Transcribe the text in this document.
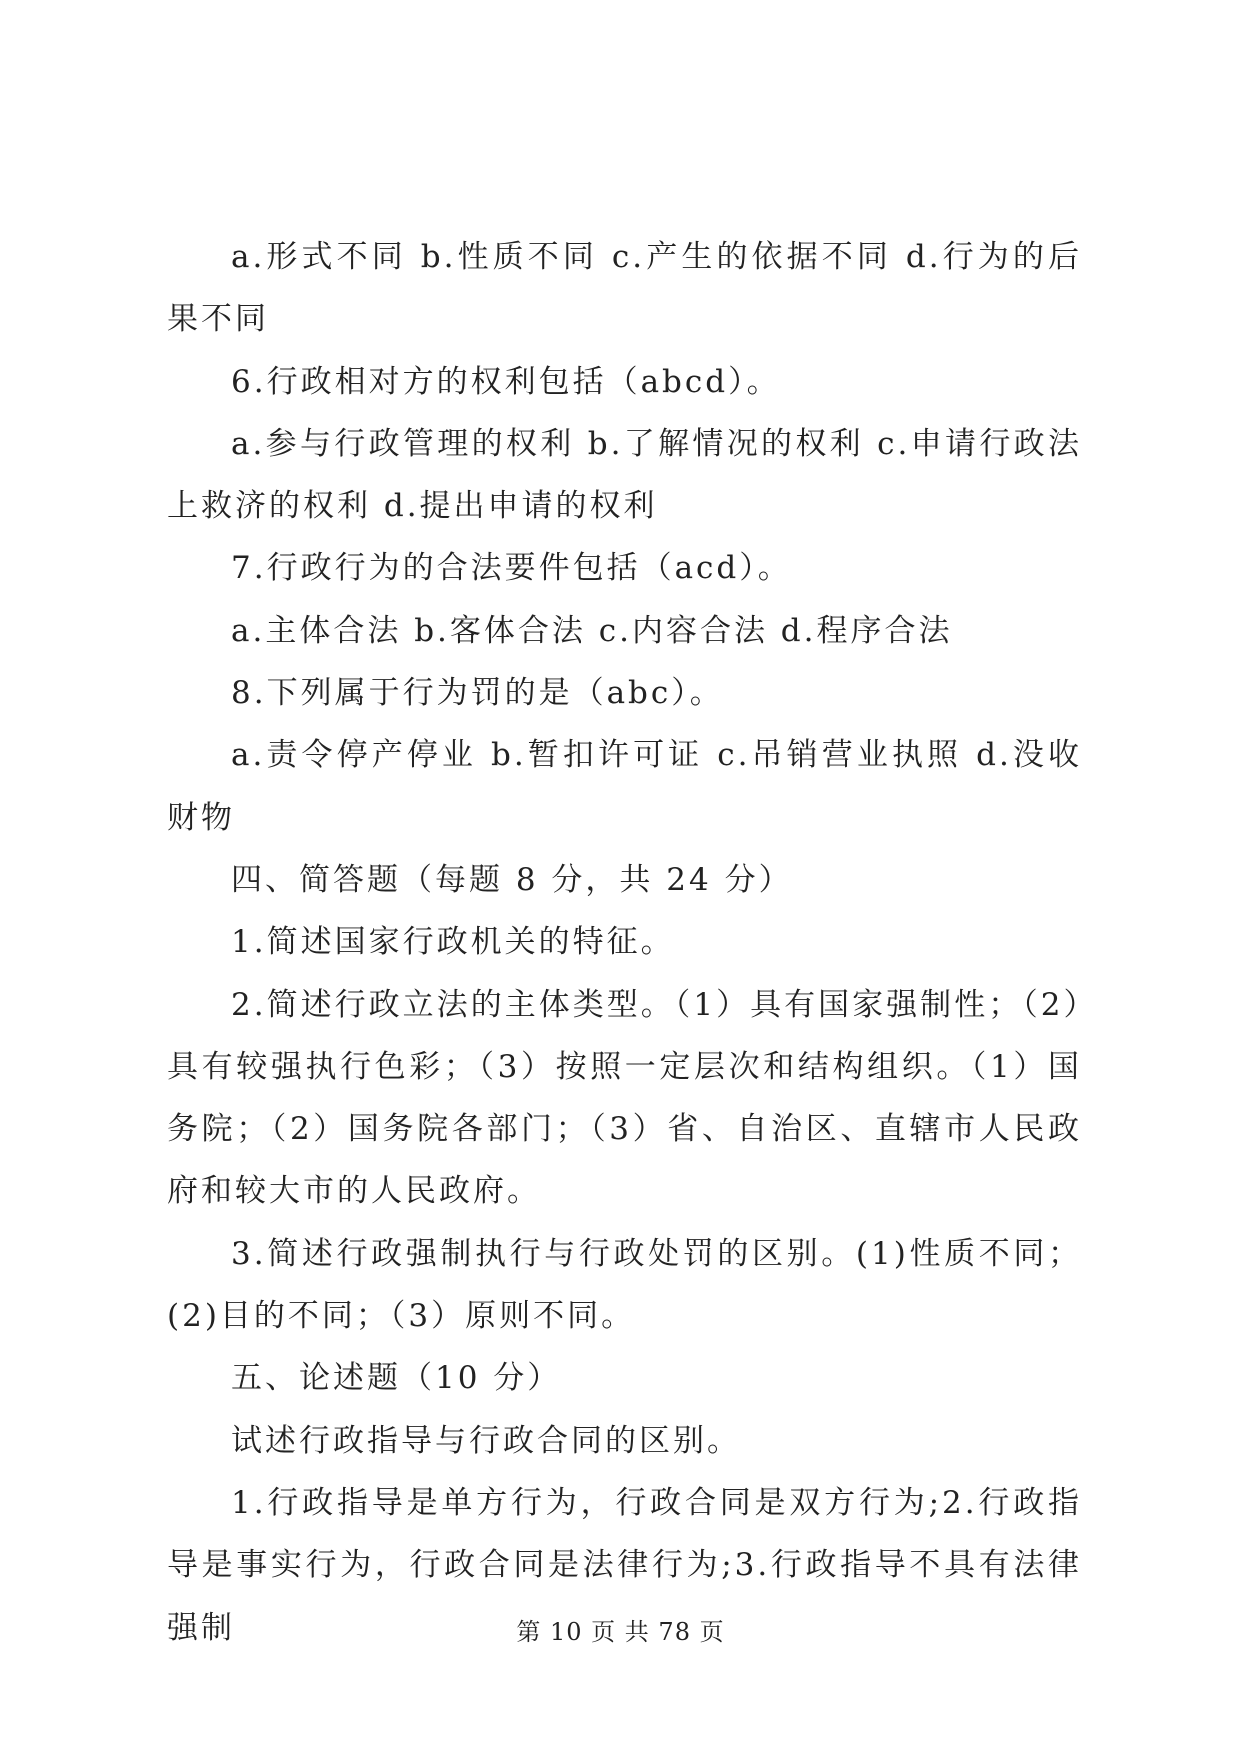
a.形式不同 b.性质不同 c.产生的依据不同 d.行为的后果不同

6.行政相对方的权利包括（abcd）。

a.参与行政管理的权利 b.了解情况的权利 c.申请行政法上救济的权利 d.提出申请的权利

7.行政行为的合法要件包括（acd）。

a.主体合法 b.客体合法 c.内容合法 d.程序合法

8.下列属于行为罚的是（abc）。

a.责令停产停业 b.暂扣许可证 c.吊销营业执照 d.没收财物

四、简答题（每题 8 分，共 24 分）

1.简述国家行政机关的特征。

2.简述行政立法的主体类型。（1）具有国家强制性；（2）具有较强执行色彩；（3）按照一定层次和结构组织。（1）国务院；（2）国务院各部门；（3）省、自治区、直辖市人民政府和较大市的人民政府。

3.简述行政强制执行与行政处罚的区别。(1)性质不同；(2)目的不同；（3）原则不同。

五、论述题（10 分）

试述行政指导与行政合同的区别。

1.行政指导是单方行为，行政合同是双方行为;2.行政指导是事实行为，行政合同是法律行为;3.行政指导不具有法律强制	第 10 页 共 78 页
